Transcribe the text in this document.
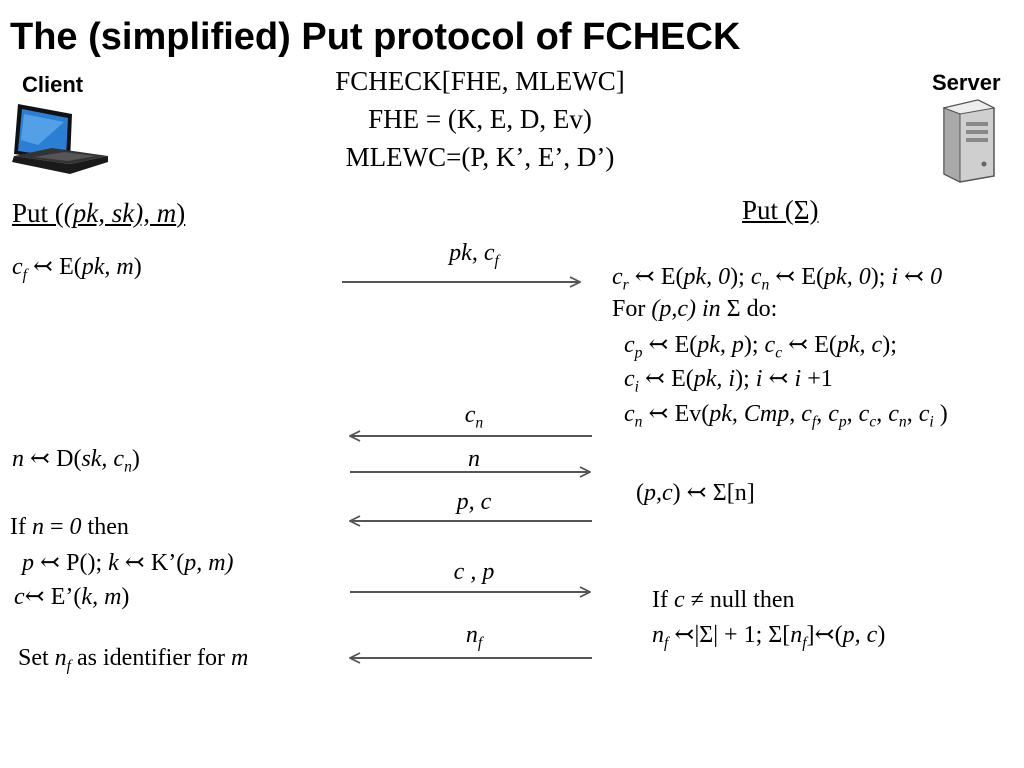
The (simplified) Put protocol of FCHECK
Client	Server
FCHECK[FHE, MLEWC]
FHE = (K, E, D, Ev)
MLEWC=(P, K’, E’, D’)
Put ((pk, sk), m)	Put (Σ)
$c_f$ ↢ E(pk, m)
n ↢ D(sk, $c_n$)
If n = 0 then
p ↢ P(); k ↢ K’(p, m)
c↢ E’(k, m)
Set $n_f$ as identifier for m
$c_r$ ↢ E(pk, 0); $c_n$ ↢ E(pk, 0); i ↢ 0
For (p,c) in Σ do:
$c_p$ ↢ E(pk, p); $c_c$ ↢ E(pk, c);
$c_i$ ↢ E(pk, i); i ↢ i +1
$c_n$ ↢ Ev(pk, Cmp, $c_f$, $c_p$, $c_c$, $c_n$, $c_i$ )
(p,c) ↢ Σ[n]
If c ≠ null then
$n_f$ ↢|Σ| + 1; $\Sigma[n_f]↢(p$, c)
pk, $c_f$
$c_n$
n
p, c
c , p
$n_f$
